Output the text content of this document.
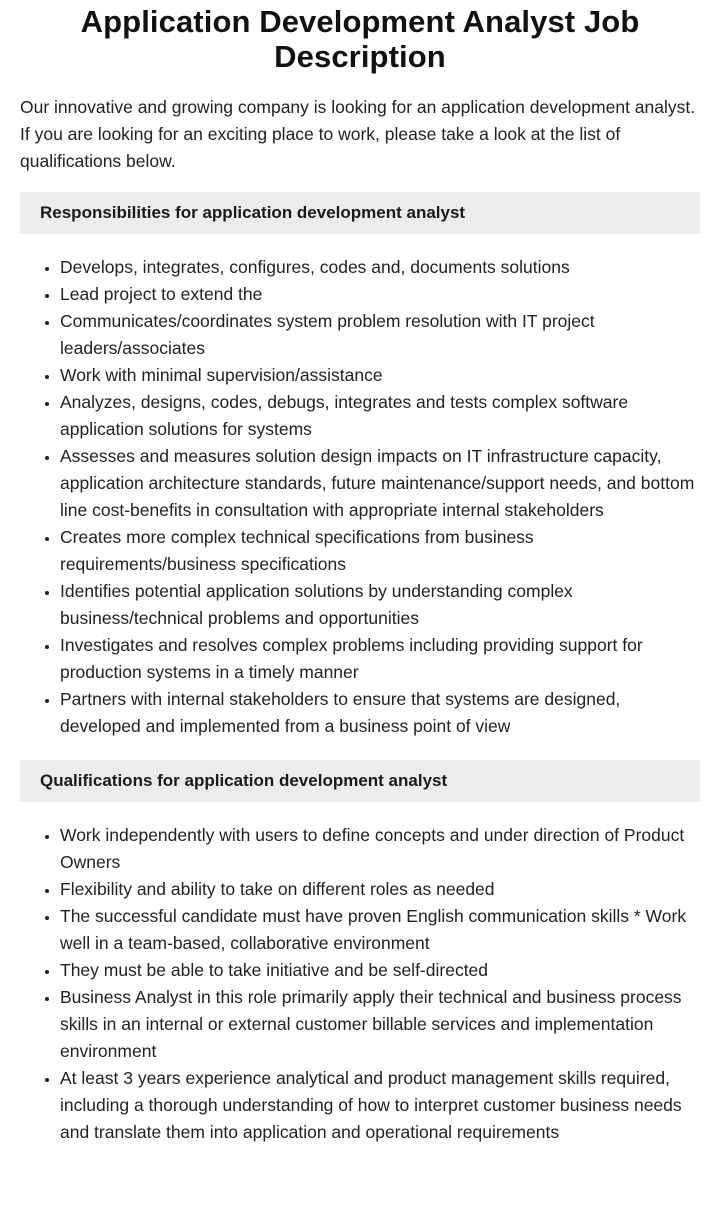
Application Development Analyst Job Description

Our innovative and growing company is looking for an application development analyst. If you are looking for an exciting place to work, please take a look at the list of qualifications below.

Responsibilities for application development analyst
• Develops, integrates, configures, codes and, documents solutions
• Lead project to extend the
• Communicates/coordinates system problem resolution with IT project leaders/associates
• Work with minimal supervision/assistance
• Analyzes, designs, codes, debugs, integrates and tests complex software application solutions for systems
• Assesses and measures solution design impacts on IT infrastructure capacity, application architecture standards, future maintenance/support needs, and bottom line cost-benefits in consultation with appropriate internal stakeholders
• Creates more complex technical specifications from business requirements/business specifications
• Identifies potential application solutions by understanding complex business/technical problems and opportunities
• Investigates and resolves complex problems including providing support for production systems in a timely manner
• Partners with internal stakeholders to ensure that systems are designed, developed and implemented from a business point of view
Qualifications for application development analyst
• Work independently with users to define concepts and under direction of Product Owners
• Flexibility and ability to take on different roles as needed
• The successful candidate must have proven English communication skills * Work well in a team-based, collaborative environment
• They must be able to take initiative and be self-directed
• Business Analyst in this role primarily apply their technical and business process skills in an internal or external customer billable services and implementation environment
• At least 3 years experience analytical and product management skills required, including a thorough understanding of how to interpret customer business needs and translate them into application and operational requirements
